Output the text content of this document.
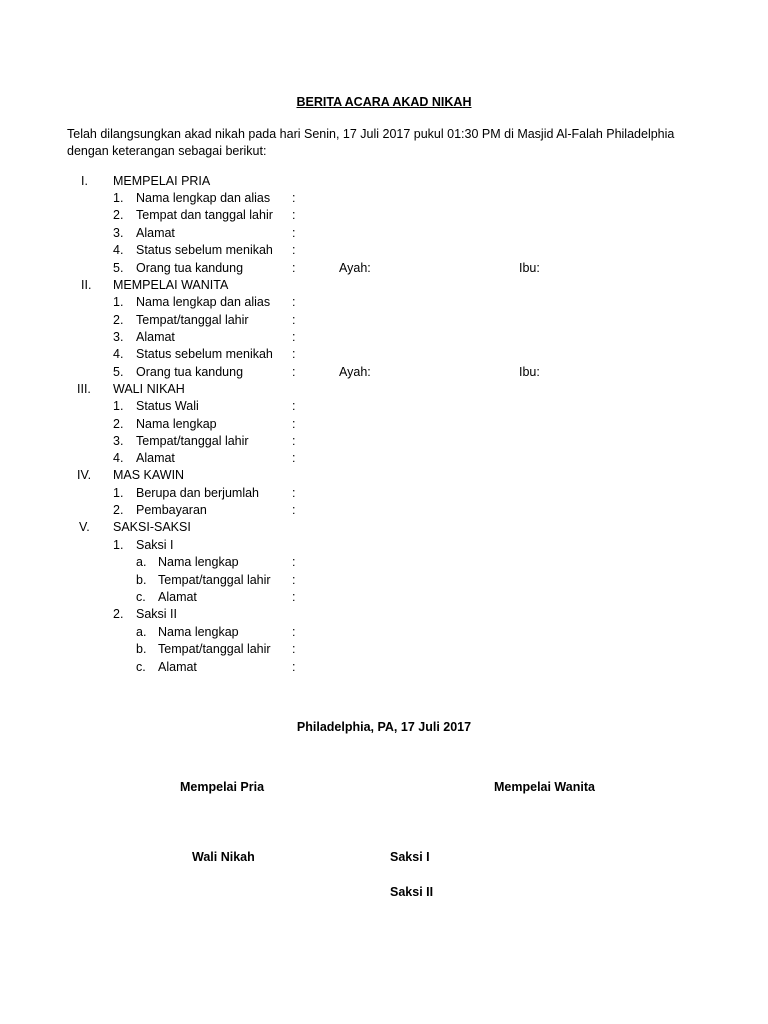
BERITA ACARA AKAD NIKAH
Telah dilangsungkan akad nikah pada hari Senin, 17 Juli 2017 pukul 01:30 PM di Masjid Al-Falah Philadelphia
dengan keterangan sebagai berikut:
I. MEMPELAI PRIA
1. Nama lengkap dan alias :
2. Tempat dan tanggal lahir :
3. Alamat	:
4. Status sebelum menikah :
5. Orang tua kandung	:	Ayah:	Ibu:
II. MEMPELAI WANITA
1. Nama lengkap dan alias :
2. Tempat/tanggal lahir	:
3. Alamat	:
4. Status sebelum menikah :
5. Orang tua kandung	:	Ayah:	Ibu:
III. WALI NIKAH
1. Status Wali	:
2. Nama lengkap	:
3. Tempat/tanggal lahir	:
4. Alamat	:
IV. MAS KAWIN
1. Berupa dan berjumlah	:
2. Pembayaran	:
V. SAKSI-SAKSI
1. Saksi I
a. Nama lengkap	:
b. Tempat/tanggal lahir :
c. Alamat	:
2. Saksi II
a. Nama lengkap	:
b. Tempat/tanggal lahir :
c. Alamat	:
Philadelphia, PA, 17 Juli 2017
Mempelai Pria	Mempelai Wanita
Wali Nikah	Saksi I
Saksi II
